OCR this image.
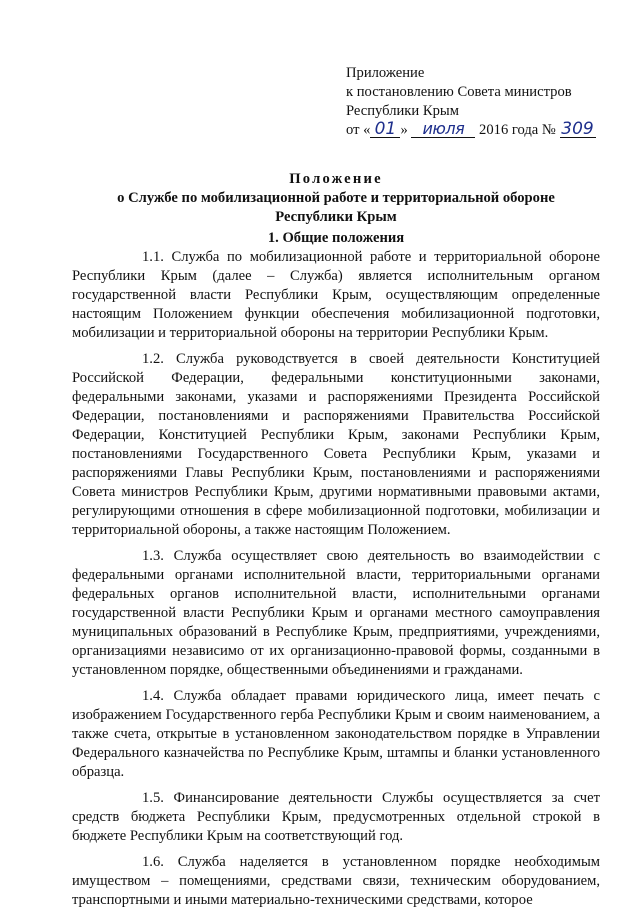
Приложение
к постановлению Совета министров
Республики Крым
от « 01 » июля 2016 года № 309
Положение
о Службе по мобилизационной работе и территориальной обороне
Республики Крым
1. Общие положения

1.1. Служба по мобилизационной работе и территориальной обороне Республики Крым (далее – Служба) является исполнительным органом государственной власти Республики Крым, осуществляющим определенные настоящим Положением функции обеспечения мобилизационной подготовки, мобилизации и территориальной обороны на территории Республики Крым.

1.2. Служба руководствуется в своей деятельности Конституцией Российской Федерации, федеральными конституционными законами, федеральными законами, указами и распоряжениями Президента Российской Федерации, постановлениями и распоряжениями Правительства Российской Федерации, Конституцией Республики Крым, законами Республики Крым, постановлениями Государственного Совета Республики Крым, указами и распоряжениями Главы Республики Крым, постановлениями и распоряжениями Совета министров Республики Крым, другими нормативными правовыми актами, регулирующими отношения в сфере мобилизационной подготовки, мобилизации и территориальной обороны, а также настоящим Положением.

1.3. Служба осуществляет свою деятельность во взаимодействии с федеральными органами исполнительной власти, территориальными органами федеральных органов исполнительной власти, исполнительными органами государственной власти Республики Крым и органами местного самоуправления муниципальных образований в Республике Крым, предприятиями, учреждениями, организациями независимо от их организационно-правовой формы, созданными в установленном порядке, общественными объединениями и гражданами.

1.4. Служба обладает правами юридического лица, имеет печать с изображением Государственного герба Республики Крым и своим наименованием, а также счета, открытые в установленном законодательством порядке в Управлении Федерального казначейства по Республике Крым, штампы и бланки установленного образца.

1.5. Финансирование деятельности Службы осуществляется за счет средств бюджета Республики Крым, предусмотренных отдельной строкой в бюджете Республики Крым на соответствующий год.

1.6. Служба наделяется в установленном порядке необходимым имуществом – помещениями, средствами связи, техническим оборудованием, транспортными и иными материально-техническими средствами, которое
